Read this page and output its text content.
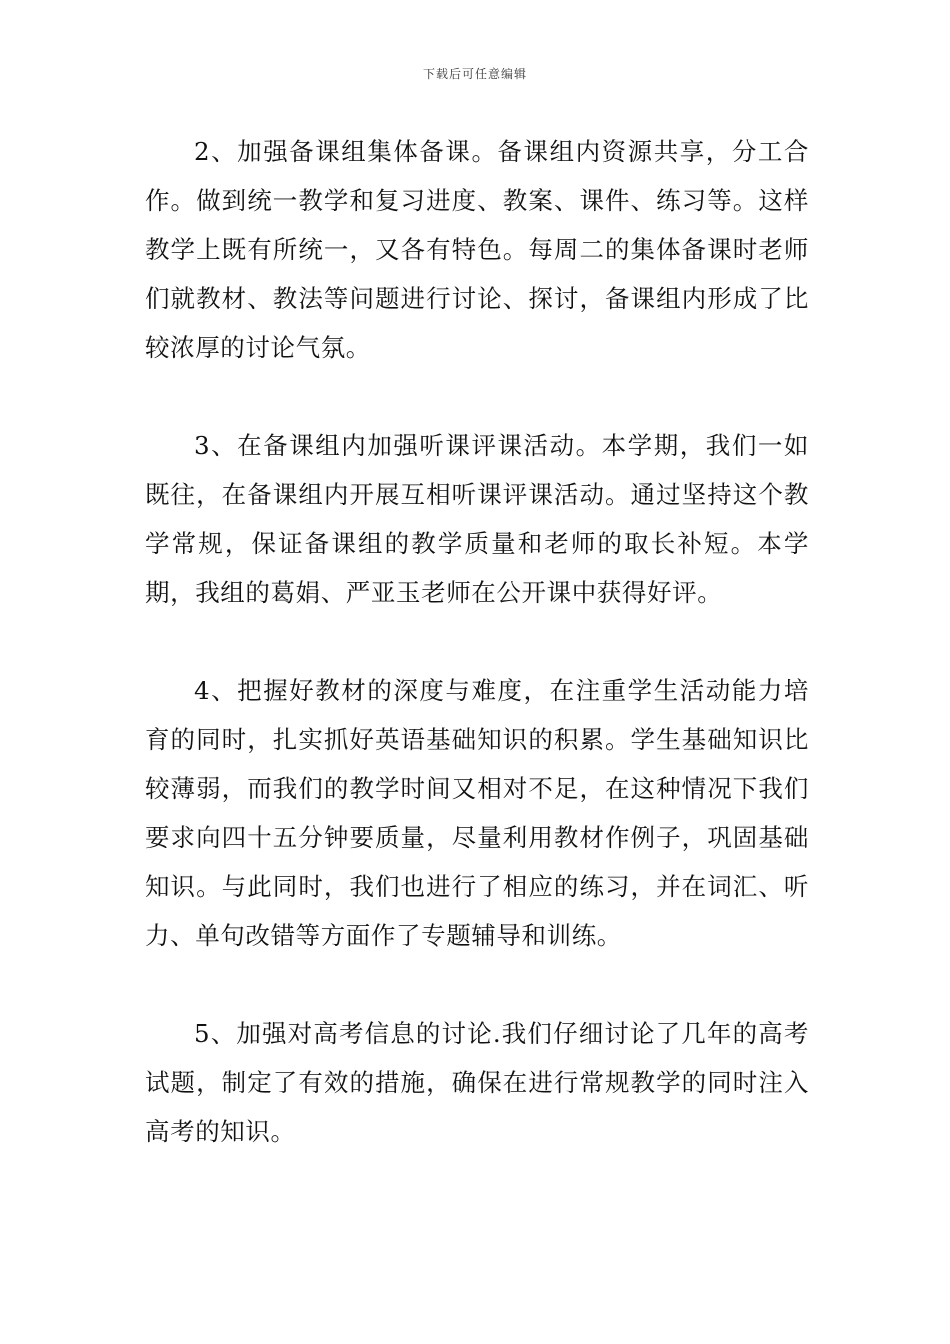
下载后可任意编辑

2、加强备课组集体备课。备课组内资源共享，分工合作。做到统一教学和复习进度、教案、课件、练习等。这样教学上既有所统一，又各有特色。每周二的集体备课时老师们就教材、教法等问题进行讨论、探讨，备课组内形成了比较浓厚的讨论气氛。

3、在备课组内加强听课评课活动。本学期，我们一如既往，在备课组内开展互相听课评课活动。通过坚持这个教学常规，保证备课组的教学质量和老师的取长补短。本学期，我组的葛娟、严亚玉老师在公开课中获得好评。

4、把握好教材的深度与难度，在注重学生活动能力培育的同时，扎实抓好英语基础知识的积累。学生基础知识比较薄弱，而我们的教学时间又相对不足，在这种情况下我们要求向四十五分钟要质量，尽量利用教材作例子，巩固基础知识。与此同时，我们也进行了相应的练习，并在词汇、听力、单句改错等方面作了专题辅导和训练。

5、加强对高考信息的讨论.我们仔细讨论了几年的高考试题，制定了有效的措施，确保在进行常规教学的同时注入高考的知识。
